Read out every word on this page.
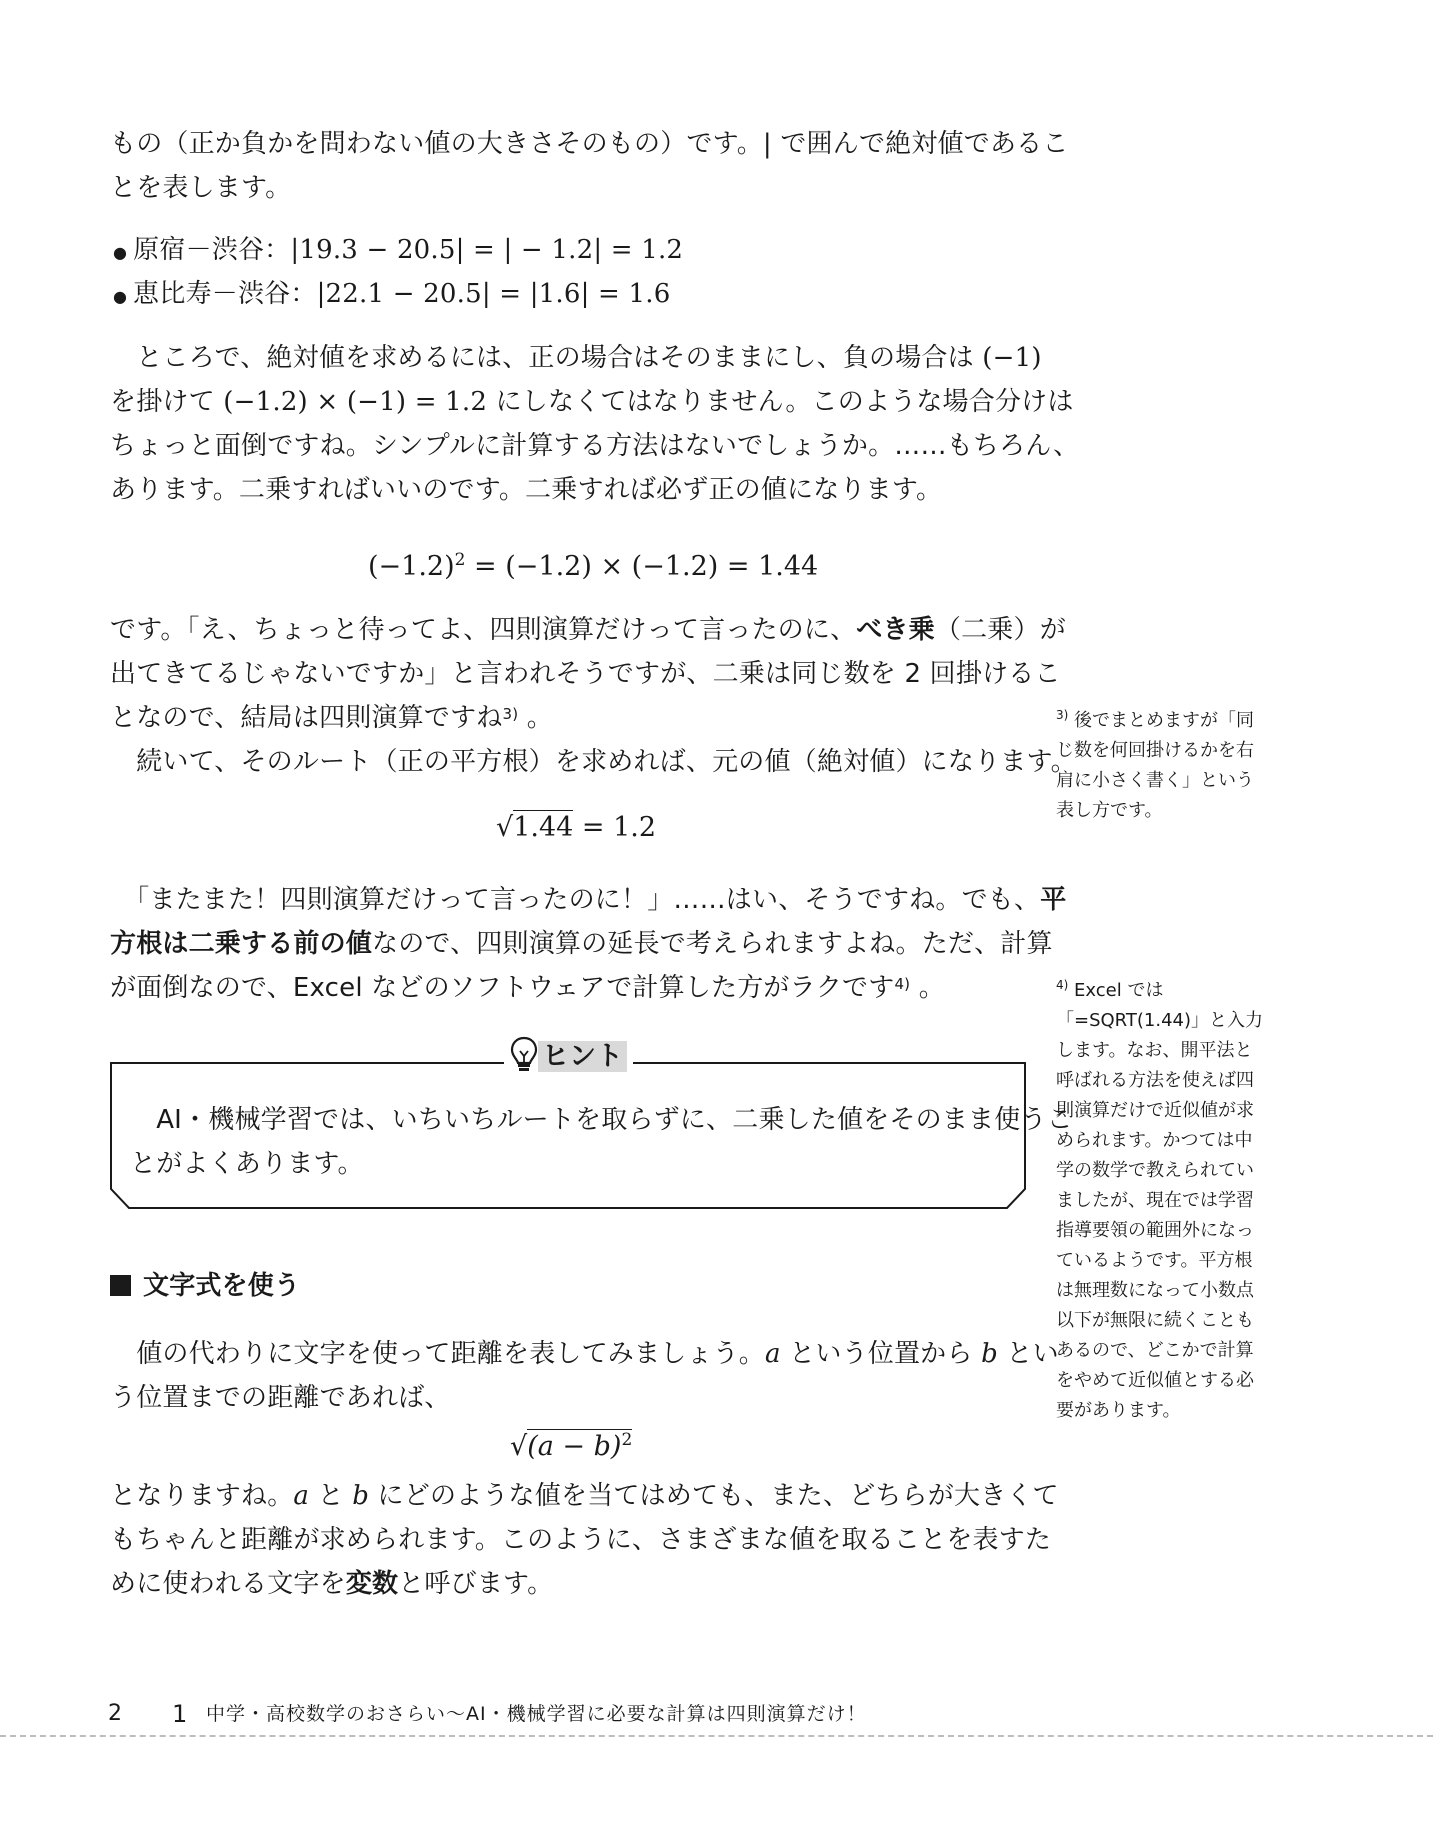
もの（正か負かを問わない値の大きさそのもの）です。| で囲んで絶対値であるこ

とを表します。

● 原宿－渋谷：|19.3 − 20.5| = | − 1.2| = 1.2

● 恵比寿－渋谷：|22.1 − 20.5| = |1.6| = 1.6

　ところで、絶対値を求めるには、正の場合はそのままにし、負の場合は (−1)

を掛けて (−1.2) × (−1) = 1.2 にしなくてはなりません。このような場合分けは

ちょっと面倒ですね。シンプルに計算する方法はないでしょうか。……もちろん、

あります。二乗すればいいのです。二乗すれば必ず正の値になります。

$(-1.2)^2 = (-1.2) \times (-1.2) = 1.44$

です。「え、ちょっと待ってよ、四則演算だけって言ったのに、べき乗（二乗）が

出てきてるじゃないですか」と言われそうですが、二乗は同じ数を 2 回掛けるこ

となので、結局は四則演算ですね$^{3)}$ 。

　続いて、そのルート（正の平方根）を求めれば、元の値（絶対値）になります。

√1.44 = 1.2

　「またまた！四則演算だけって言ったのに！」……はい、そうですね。でも、平

方根は二乗する前の値なので、四則演算の延長で考えられますよね。ただ、計算

が面倒なので、Excel などのソフトウェアで計算した方がラクです$^{4)}$ 。

ヒント

　AI・機械学習では、いちいちルートを取らずに、二乗した値をそのまま使うこ

とがよくあります。

文字式を使う

　値の代わりに文字を使って距離を表してみましょう。a という位置から b とい

う位置までの距離であれば、

$√(a - b)^2$

となりますね。a と b にどのような値を当てはめても、また、どちらが大きくて

もちゃんと距離が求められます。このように、さまざまな値を取ることを表すた

めに使われる文字を変数と呼びます。

$^{3)}$ 後でまとめますが「同
じ数を何回掛けるかを右
肩に小さく書く」という
表し方です。
$^{4)}$ Excel では
「=SQRT(1.44)」と入力
します。なお、開平法と
呼ばれる方法を使えば四
則演算だけで近似値が求
められます。かつては中
学の数学で教えられてい
ましたが、現在では学習
指導要領の範囲外になっ
ているようです。平方根
は無理数になって小数点
以下が無限に続くことも
あるので、どこかで計算
をやめて近似値とする必
要があります。
2 1 中学・高校数学のおさらい～AI・機械学習に必要な計算は四則演算だけ！
